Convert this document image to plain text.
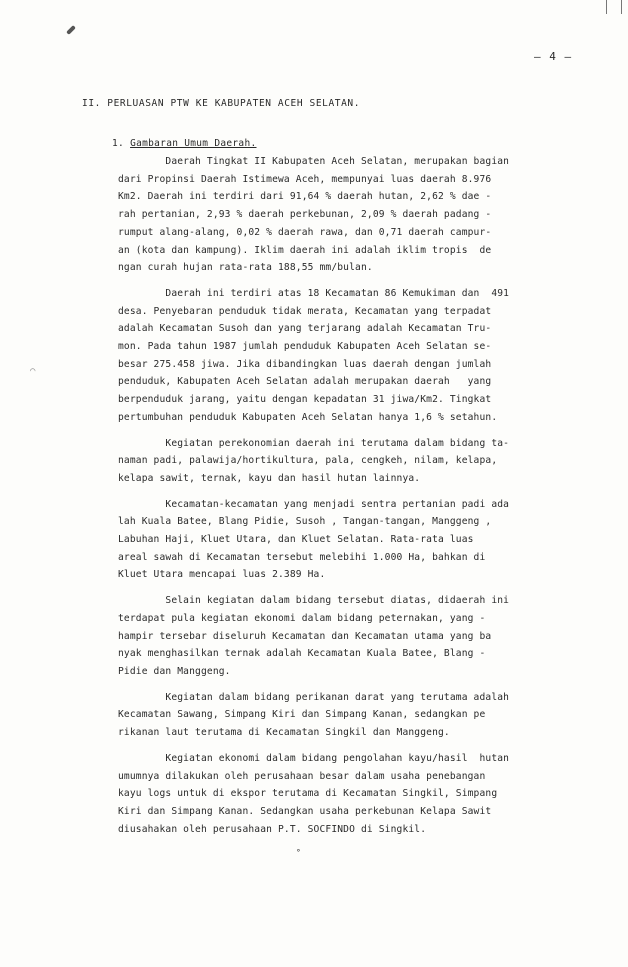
⌒
– 4 –
II. PERLUASAN PTW KE KABUPATEN ACEH SELATAN.
1. Gambaran Umum Daerah.
Daerah Tingkat II Kabupaten Aceh Selatan, merupakan bagian
dari Propinsi Daerah Istimewa Aceh, mempunyai luas daerah 8.976
Km2. Daerah ini terdiri dari 91,64 % daerah hutan, 2,62 % dae -
rah pertanian, 2,93 % daerah perkebunan, 2,09 % daerah padang -
rumput alang-alang, 0,02 % daerah rawa, dan 0,71 daerah campur-
an (kota dan kampung). Iklim daerah ini adalah iklim tropis  de
ngan curah hujan rata-rata 188,55 mm/bulan.
Daerah ini terdiri atas 18 Kecamatan 86 Kemukiman dan  491
desa. Penyebaran penduduk tidak merata, Kecamatan yang terpadat
adalah Kecamatan Susoh dan yang terjarang adalah Kecamatan Tru-
mon. Pada tahun 1987 jumlah penduduk Kabupaten Aceh Selatan se-
besar 275.458 jiwa. Jika dibandingkan luas daerah dengan jumlah
penduduk, Kabupaten Aceh Selatan adalah merupakan daerah   yang
berpenduduk jarang, yaitu dengan kepadatan 31 jiwa/Km2. Tingkat
pertumbuhan penduduk Kabupaten Aceh Selatan hanya 1,6 % setahun.
Kegiatan perekonomian daerah ini terutama dalam bidang ta-
naman padi, palawija/hortikultura, pala, cengkeh, nilam, kelapa,
kelapa sawit, ternak, kayu dan hasil hutan lainnya.
Kecamatan-kecamatan yang menjadi sentra pertanian padi ada
lah Kuala Batee, Blang Pidie, Susoh , Tangan-tangan, Manggeng ,
Labuhan Haji, Kluet Utara, dan Kluet Selatan. Rata-rata luas
areal sawah di Kecamatan tersebut melebihi 1.000 Ha, bahkan di
Kluet Utara mencapai luas 2.389 Ha.
Selain kegiatan dalam bidang tersebut diatas, didaerah ini
terdapat pula kegiatan ekonomi dalam bidang peternakan, yang -
hampir tersebar diseluruh Kecamatan dan Kecamatan utama yang ba
nyak menghasilkan ternak adalah Kecamatan Kuala Batee, Blang -
Pidie dan Manggeng.
Kegiatan dalam bidang perikanan darat yang terutama adalah
Kecamatan Sawang, Simpang Kiri dan Simpang Kanan, sedangkan pe
rikanan laut terutama di Kecamatan Singkil dan Manggeng.
Kegiatan ekonomi dalam bidang pengolahan kayu/hasil  hutan
umumnya dilakukan oleh perusahaan besar dalam usaha penebangan
kayu logs untuk di ekspor terutama di Kecamatan Singkil, Simpang
Kiri dan Simpang Kanan. Sedangkan usaha perkebunan Kelapa Sawit
diusahakan oleh perusahaan P.T. SOCFINDO di Singkil.
°
